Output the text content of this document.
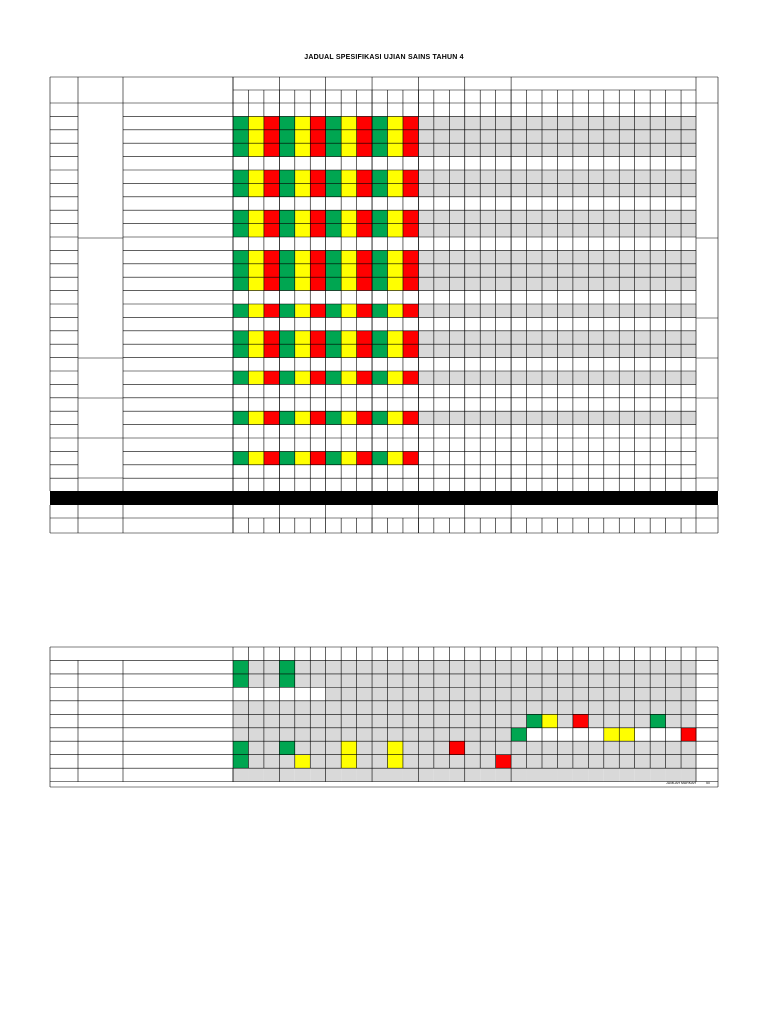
JADUAL SPESIFIKASI UJIAN SAINS TAHUN 4
JUMLAH MARKAH	50
